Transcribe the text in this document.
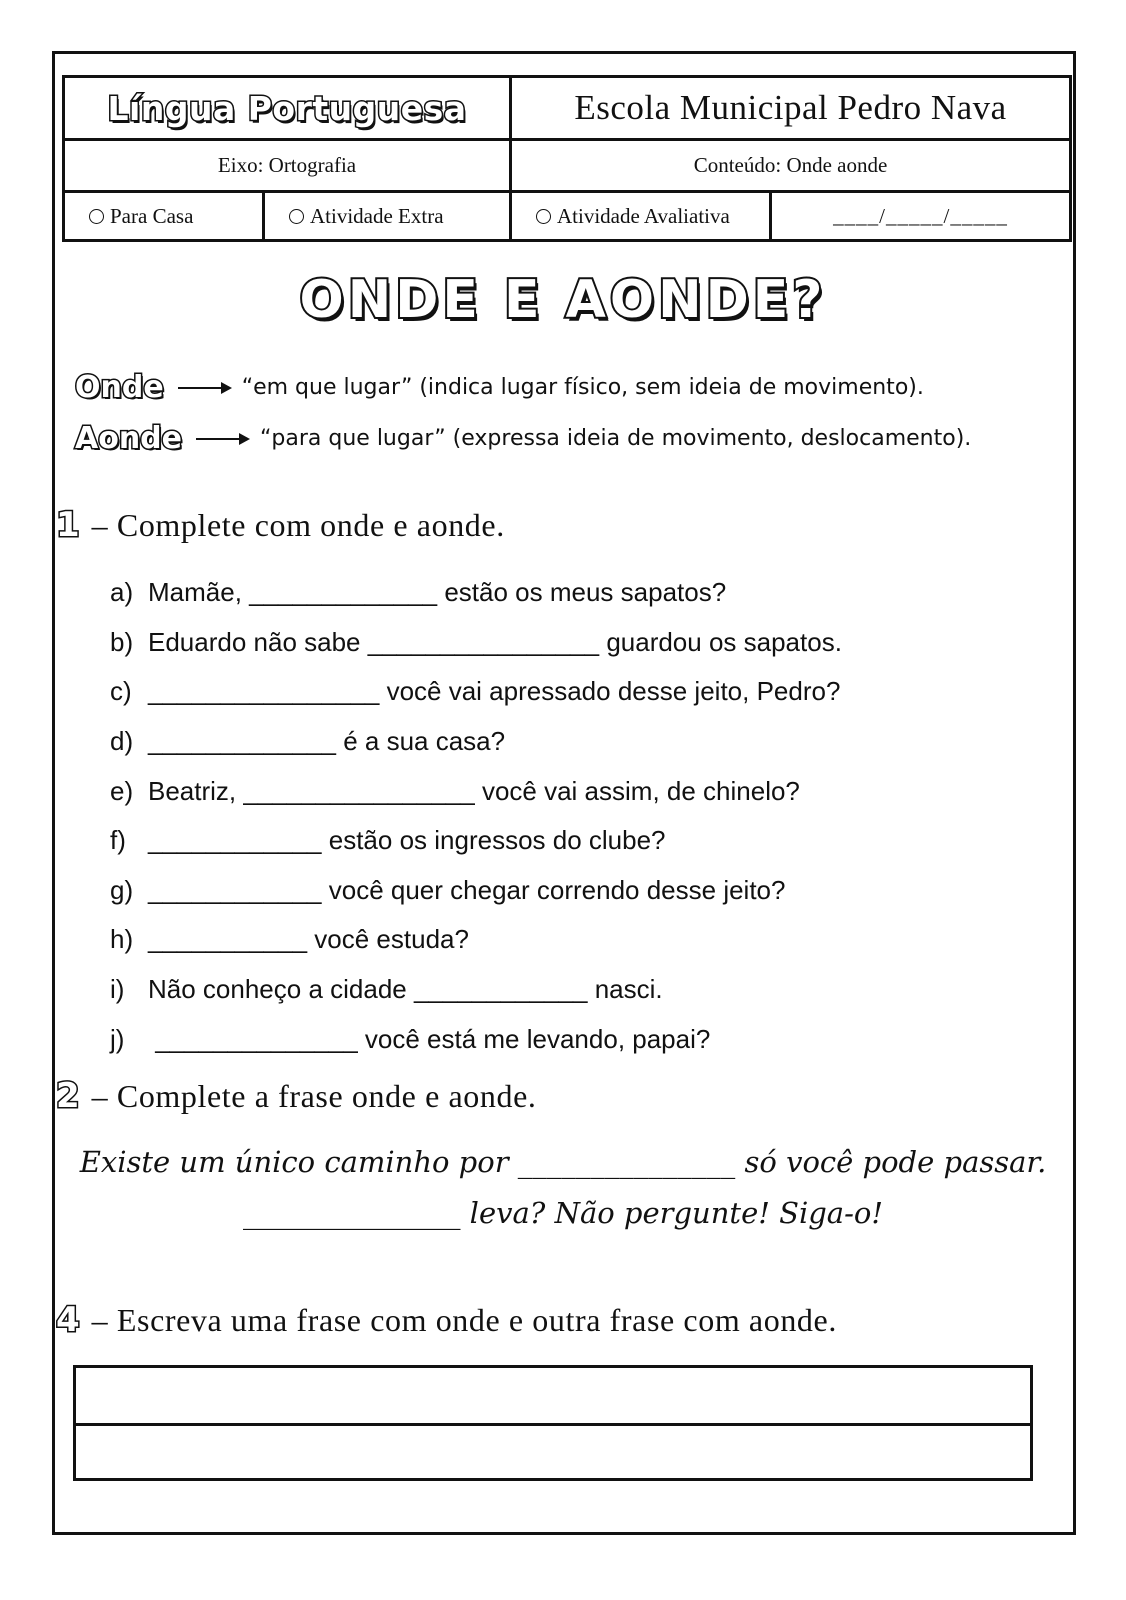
Língua Portuguesa		Escola Municipal Pedro Nava	
Eixo: Ortografia		Conteúdo: Onde aonde	
Para Casa	Atividade Extra	Atividade Avaliativa	____/_____/_____
ONDE E AONDE?
Onde	“em que lugar” (indica lugar físico, sem ideia de movimento).
Aonde	“para que lugar” (expressa ideia de movimento, deslocamento).
1 – Complete com onde e aonde.
a) Mamãe, _____________ estão os meus sapatos?
b) Eduardo não sabe ________________ guardou os sapatos.
c) ________________ você vai apressado desse jeito, Pedro?
d) _____________ é a sua casa?
e) Beatriz, ________________ você vai assim, de chinelo?
f) ____________ estão os ingressos do clube?
g) ____________ você quer chegar correndo desse jeito?
h) ___________ você estuda?
i) Não conheço a cidade ____________ nasci.
j) ______________ você está me levando, papai?
2 – Complete a frase onde e aonde.
Existe um único caminho por _______________ só você pode passar.
_______________ leva? Não pergunte! Siga-o!
4 – Escreva uma frase com onde e outra frase com aonde.
